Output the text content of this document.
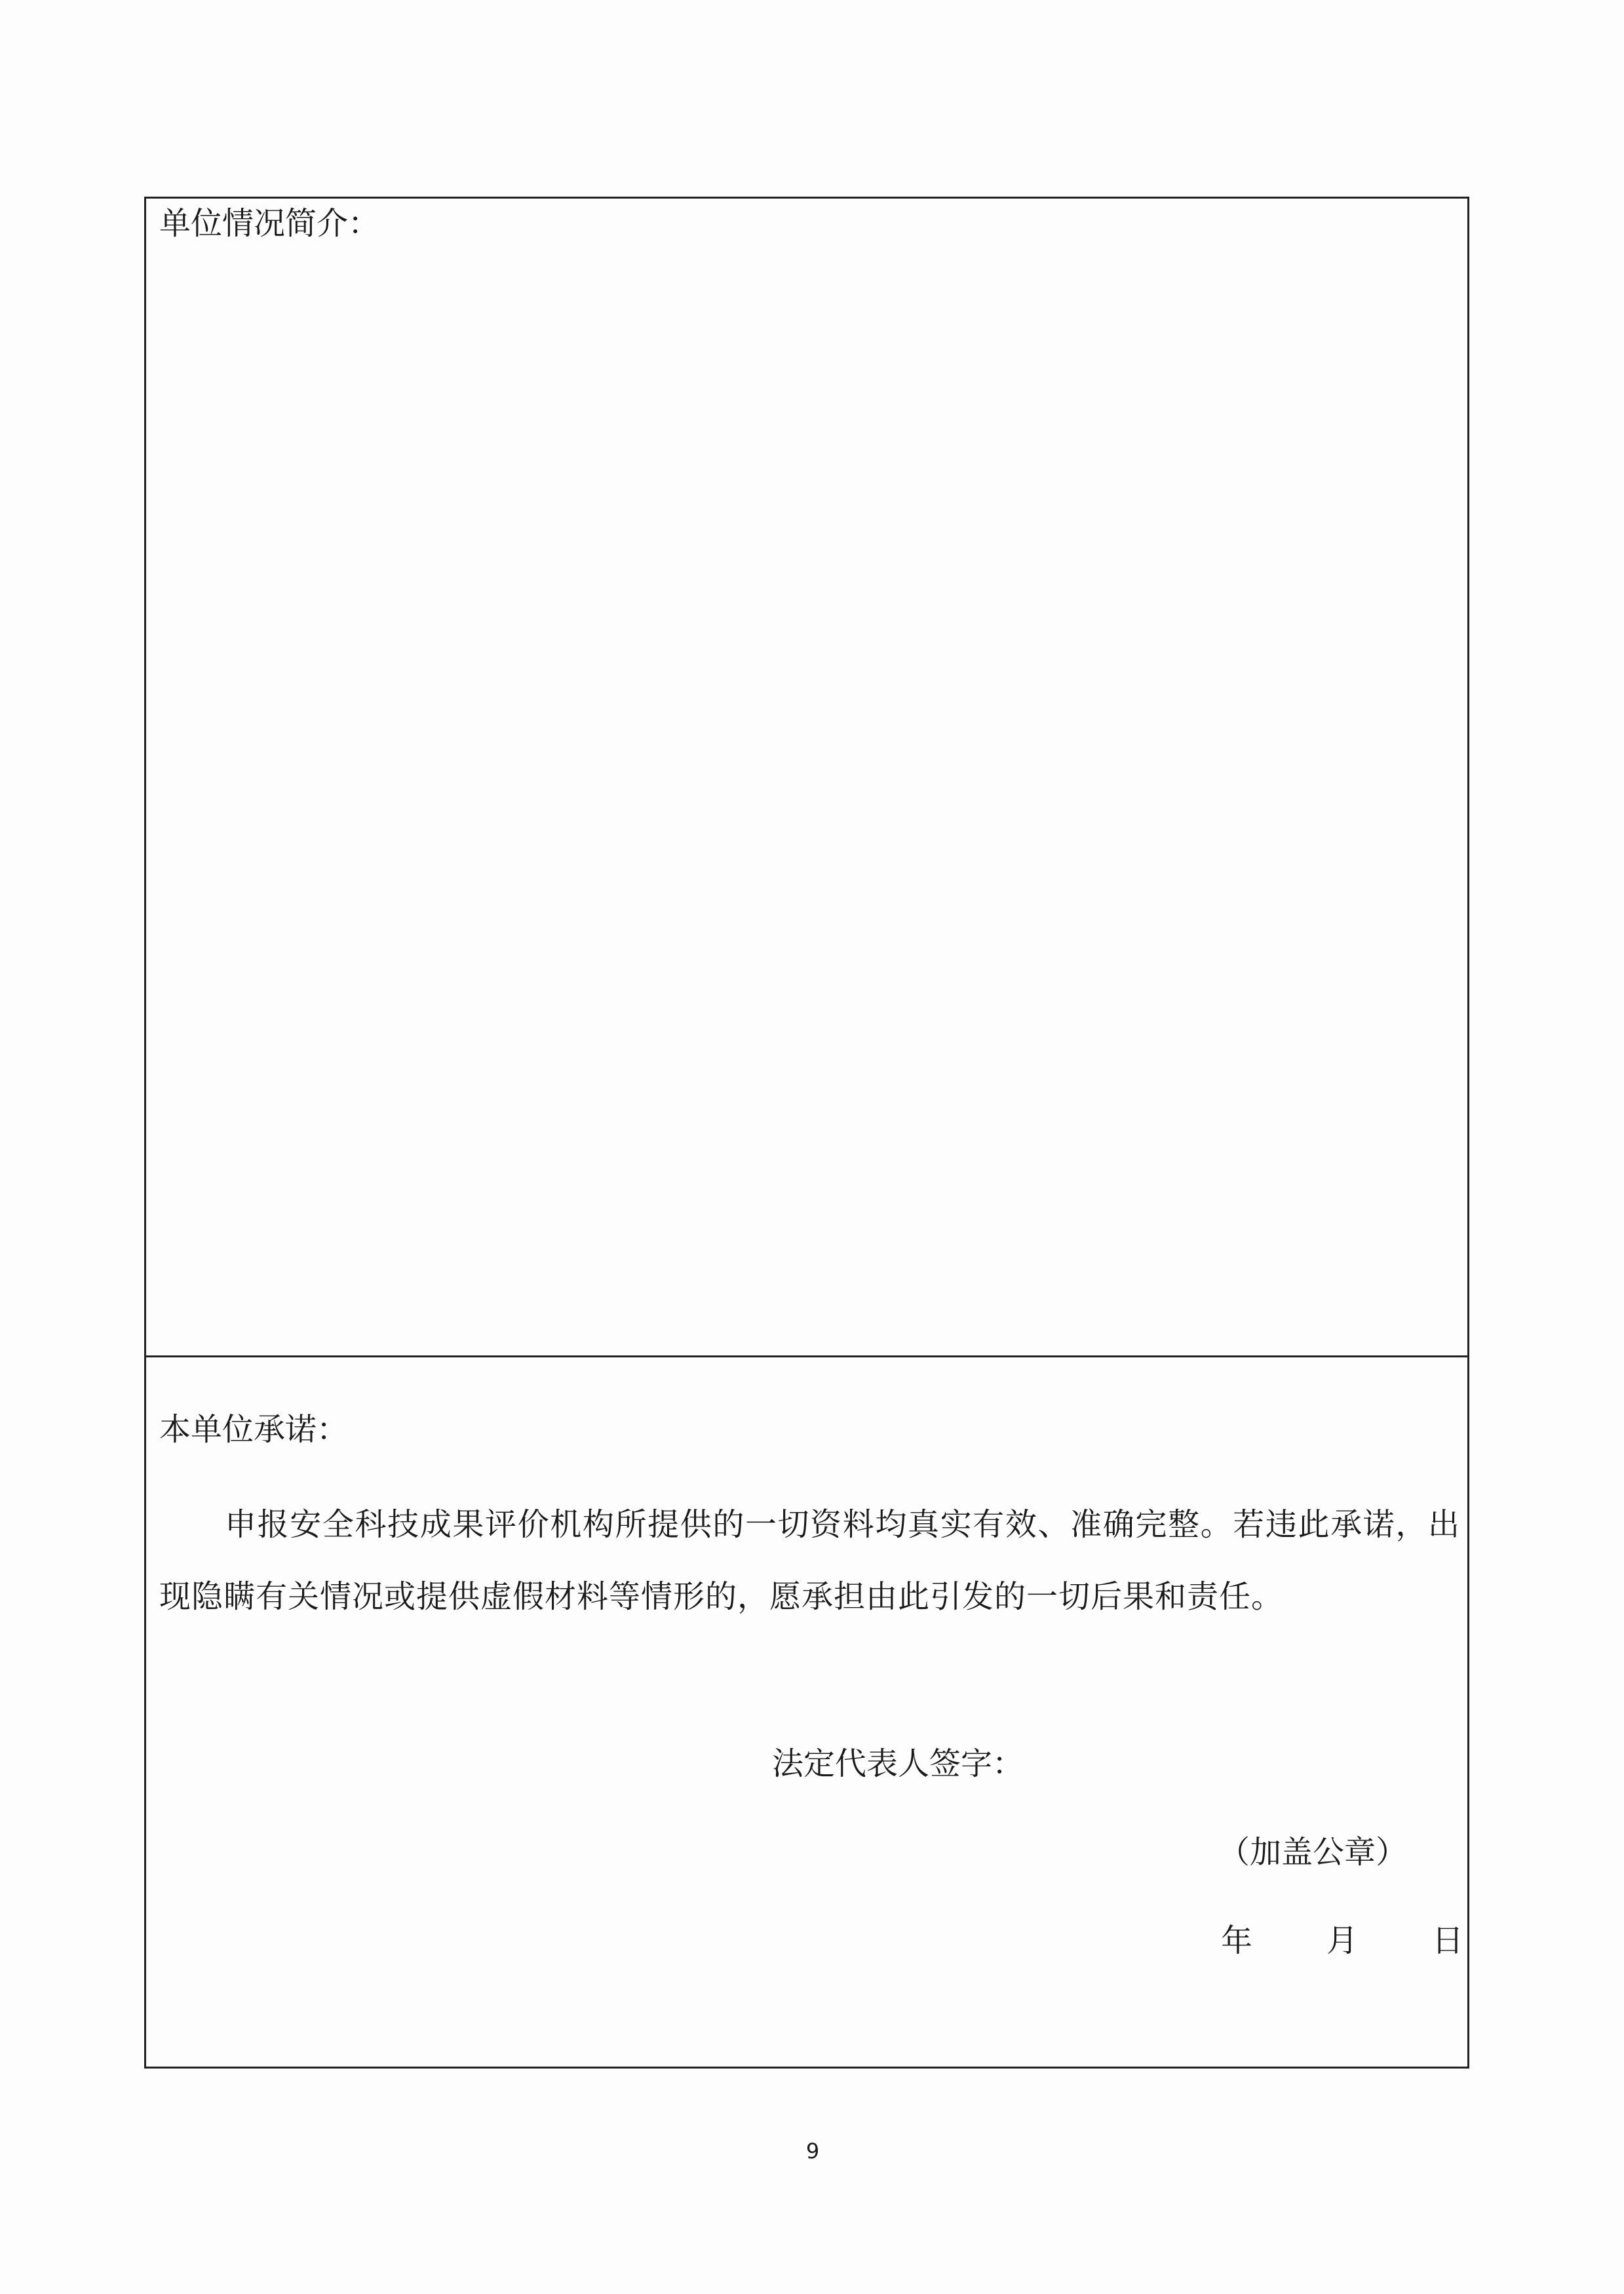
单位情况简介：
本单位承诺：
申报安全科技成果评价机构所提供的一切资料均真实有效、准确完整。若违此承诺，出现隐瞒有关情况或提供虚假材料等情形的，愿承担由此引发的一切后果和责任。
法定代表人签字：
（加盖公章）
年 月 日
9
